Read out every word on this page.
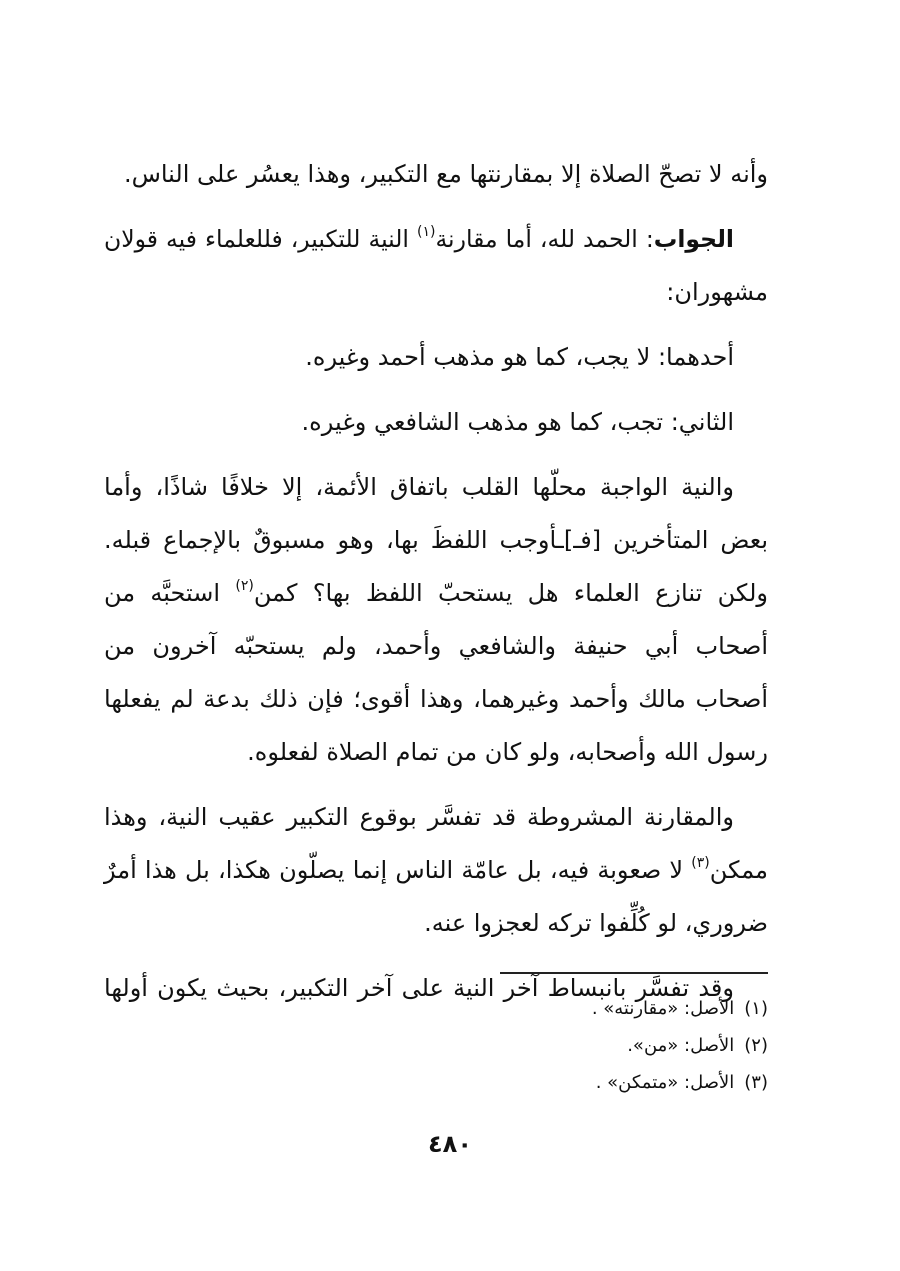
وأنه لا تصحّ الصلاة إلا بمقارنتها مع التكبير، وهذا يعسُر على الناس.
الجواب: الحمد لله، أما مقارنة$^{(١)}$ النية للتكبير، فللعلماء فيه قولان
مشهوران:
أحدهما: لا يجب، كما هو مذهب أحمد وغيره.
الثاني: تجب، كما هو مذهب الشافعي وغيره.
والنية الواجبة محلّها القلب باتفاق الأئمة، إلا خلافًا شاذًا، وأما
بعض المتأخرين [فـ]ـأوجب اللفظَ بها، وهو مسبوقٌ بالإجماع قبله.
ولكن تنازع العلماء هل يستحبّ اللفظ بها؟ كمن$^{(٢)}$ استحبَّه من
أصحاب أبي حنيفة والشافعي وأحمد، ولم يستحبّه آخرون من
أصحاب مالك وأحمد وغيرهما، وهذا أقوى؛ فإن ذلك بدعة لم يفعلها
رسول الله وأصحابه، ولو كان من تمام الصلاة لفعلوه.
والمقارنة المشروطة قد تفسَّر بوقوع التكبير عقيب النية، وهذا
ممكن$^{(٣)}$ لا صعوبة فيه، بل عامّة الناس إنما يصلّون هكذا، بل هذا أمرٌ
ضروري، لو كُلِّفوا تركه لعجزوا عنه.
وقد تفسَّر بانبساط آخر النية على آخر التكبير، بحيث يكون أولها
(١)الأصل: «مقارنته» .
(٢)الأصل: «من».
(٣)الأصل: «متمكن» .
٤٨٠
